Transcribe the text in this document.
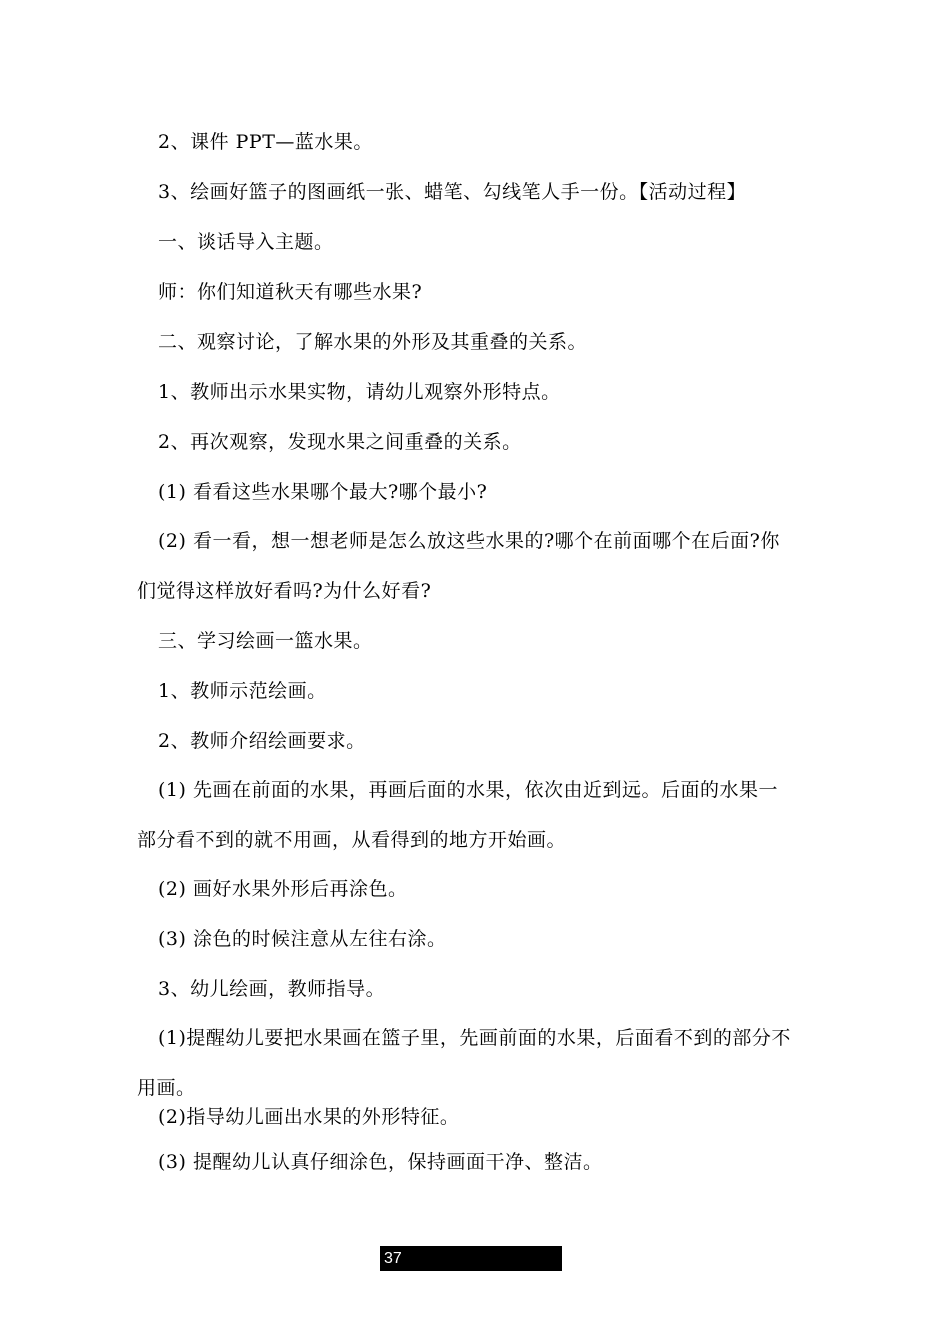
2、课件 PPT—蓝水果。
3、绘画好篮子的图画纸一张、蜡笔、勾线笔人手一份。【活动过程】
一、谈话导入主题。
师：你们知道秋天有哪些水果?
二、观察讨论，了解水果的外形及其重叠的关系。
1、教师出示水果实物，请幼儿观察外形特点。
2、再次观察，发现水果之间重叠的关系。
(1) 看看这些水果哪个最大?哪个最小?
(2) 看一看，想一想老师是怎么放这些水果的?哪个在前面哪个在后面?你
们觉得这样放好看吗?为什么好看?
三、学习绘画一篮水果。
1、教师示范绘画。
2、教师介绍绘画要求。
(1) 先画在前面的水果，再画后面的水果，依次由近到远。后面的水果一
部分看不到的就不用画，从看得到的地方开始画。
(2) 画好水果外形后再涂色。
(3) 涂色的时候注意从左往右涂。
3、幼儿绘画，教师指导。
(1)提醒幼儿要把水果画在篮子里，先画前面的水果，后面看不到的部分不
用画。
(2)指导幼儿画出水果的外形特征。
(3) 提醒幼儿认真仔细涂色，保持画面干净、整洁。
37
